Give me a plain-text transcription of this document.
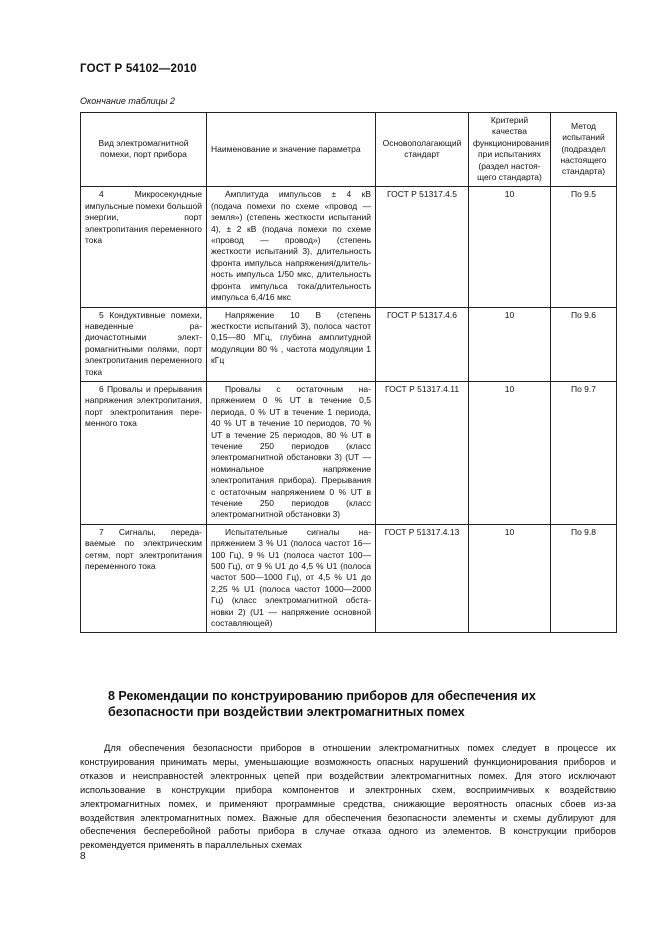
ГОСТ Р 54102—2010
Окончание таблицы 2
Вид электромагнитной помехи, порт прибора	Наименование и значение параметра	Основополагающий стандарт	Критерий качества функционирования при испытаниях (раздел настоящего стандарта)	Метод испытаний (подраздел настоящего стандарта)
4 Микросекундные импульсные помехи большой энергии, порт электропитания переменного тока	Амплитуда импульсов ± 4 кВ (подача помехи по схеме «провод — земля») (степень жесткости испытаний 4), ± 2 кВ (подача помехи по схеме «провод — провод») (степень жесткости испытаний 3), длительность фронта импульса напряжения/длительность импульса 1/50 мкс, длительность фронта импульса тока/длительность импульса 6,4/16 мкс	ГОСТ Р 51317.4.5	10	По 9.5
5 Кондуктивные помехи, наведенные радиочастотными электромагнитными полями, порт электропитания переменного тока	Напряжение 10 В (степень жесткости испытаний 3), полоса частот 0,15—80 МГц, глубина амплитудной модуляции 80 % , частота модуляции 1 кГц	ГОСТ Р 51317.4.6	10	По 9.6
6 Провалы и прерывания напряжения электропитания, порт электропитания переменного тока	Провалы с остаточным напряжением 0 % UT в течение 0,5 периода, 0 % UT в течение 1 периода, 40 % UT в течение 10 периодов, 70 % UT в течение 25 периодов, 80 % UT в течение 250 периодов (класс электромагнитной обстановки 3) (UT — номинальное напряжение электропитания прибора). Прерывания с остаточным напряжением 0 % UT в течение 250 периодов (класс электромагнитной обстановки 3)	ГОСТ Р 51317.4.11	10	По 9.7
7 Сигналы, передаваемые по электрическим сетям, порт электропитания переменного тока	Испытательные сигналы напряжением 3 % U1 (полоса частот 16—100 Гц), 9 % U1 (полоса частот 100—500 Гц), от 9 % U1 до 4,5 % U1 (полоса частот 500—1000 Гц), от 4,5 % U1 до 2,25 % U1 (полоса частот 1000—2000 Гц) (класс электромагнитной обстановки 2) (U1 — напряжение основной составляющей)	ГОСТ Р 51317.4.13	10	По 9.8
8 Рекомендации по конструированию приборов для обеспечения их безопасности при воздействии электромагнитных помех

Для обеспечения безопасности приборов в отношении электромагнитных помех следует в процессе их конструирования принимать меры, уменьшающие возможность опасных нарушений функционирования приборов и отказов и неисправностей электронных цепей при воздействии электромагнитных помех. Для этого исключают использование в конструкции прибора компонентов и электронных схем, восприимчивых к воздействию электромагнитных помех, и применяют программные средства, снижающие вероятность опасных сбоев из-за воздействия электромагнитных помех. Важные для обеспечения безопасности элементы и схемы дублируют для обеспечения бесперебойной работы прибора в случае отказа одного из элементов. В конструкции приборов рекомендуется применять в параллельных схемах

8
